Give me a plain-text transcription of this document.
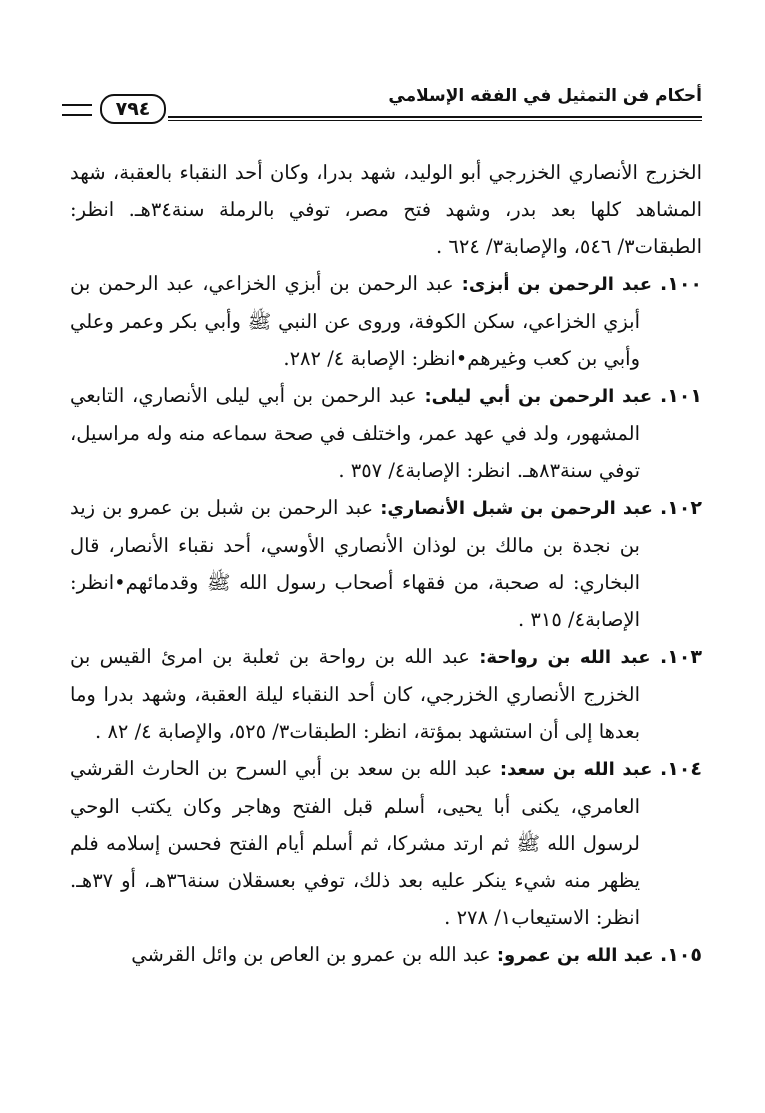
أحكام فن التمثيل في الفقه الإسلامي
٧٩٤

الخزرج الأنصاري الخزرجي أبو الوليد، شهد بدرا، وكان أحد النقباء بالعقبة، شهد المشاهد كلها بعد بدر، وشهد فتح مصر، توفي بالرملة سنة٣٤هـ. انظر: الطبقات٣/ ٥٤٦، والإصابة٣/ ٦٢٤ .

١٠٠. عبد الرحمن بن أبزى: عبد الرحمن بن أبزي الخزاعي، عبد الرحمن بن أبزي الخزاعي، سكن الكوفة، وروى عن النبي ﷺ وأبي بكر وعمر وعلي وأبي بن كعب وغيرهم•انظر: الإصابة ٤/ ٢٨٢.

١٠١. عبد الرحمن بن أبي ليلى: عبد الرحمن بن أبي ليلى الأنصاري، التابعي المشهور، ولد في عهد عمر، واختلف في صحة سماعه منه وله مراسيل، توفي سنة٨٣هـ. انظر: الإصابة٤/ ٣٥٧ .

١٠٢. عبد الرحمن بن شبل الأنصاري: عبد الرحمن بن شبل بن عمرو بن زيد بن نجدة بن مالك بن لوذان الأنصاري الأوسي، أحد نقباء الأنصار، قال البخاري: له صحبة، من فقهاء أصحاب رسول الله ﷺ وقدمائهم•انظر: الإصابة٤/ ٣١٥ .

١٠٣. عبد الله بن رواحة: عبد الله بن رواحة بن ثعلبة بن امرئ القيس بن الخزرج الأنصاري الخزرجي، كان أحد النقباء ليلة العقبة، وشهد بدرا وما بعدها إلى أن استشهد بمؤتة، انظر: الطبقات٣/ ٥٢٥، والإصابة ٤/ ٨٢ .

١٠٤. عبد الله بن سعد: عبد الله بن سعد بن أبي السرح بن الحارث القرشي العامري، يكنى أبا يحيى، أسلم قبل الفتح وهاجر وكان يكتب الوحي لرسول الله ﷺ ثم ارتد مشركا، ثم أسلم أيام الفتح فحسن إسلامه فلم يظهر منه شيء ينكر عليه بعد ذلك، توفي بعسقلان سنة٣٦هـ، أو ٣٧هـ. انظر: الاستيعاب١/ ٢٧٨ .

١٠٥. عبد الله بن عمرو: عبد الله بن عمرو بن العاص بن وائل القرشي
